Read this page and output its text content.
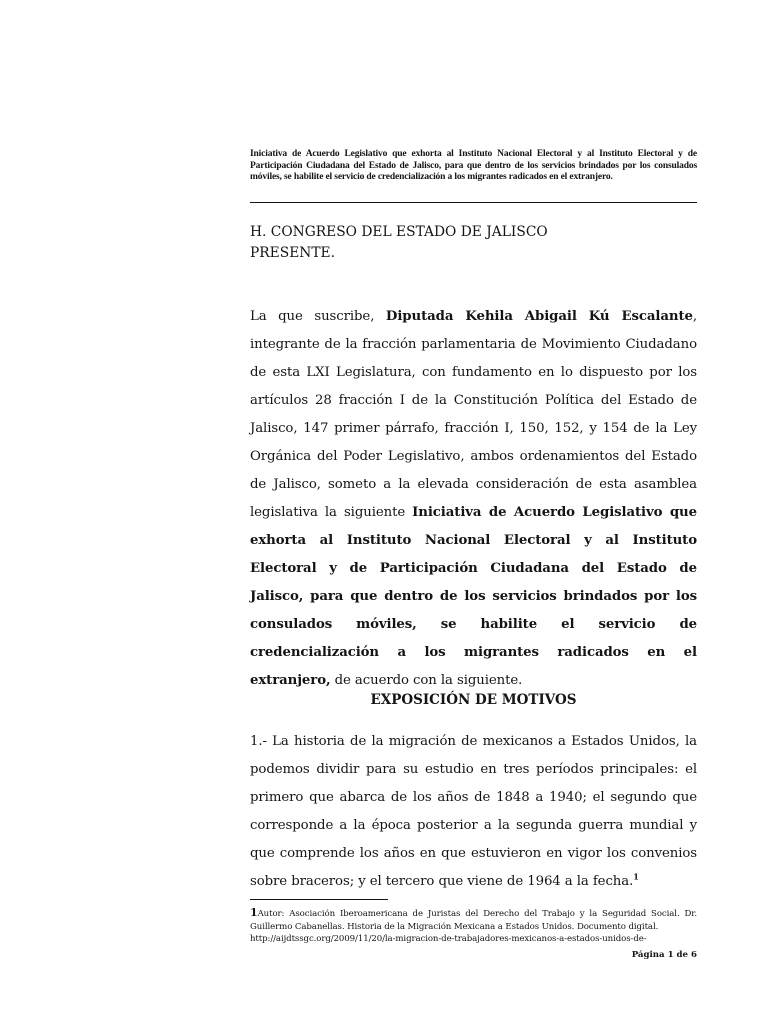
Iniciativa de Acuerdo Legislativo que exhorta al Instituto Nacional Electoral y al Instituto Electoral y de Participación Ciudadana del Estado de Jalisco, para que dentro de los servicios brindados por los consulados móviles, se habilite el servicio de credencialización a los migrantes radicados en el extranjero.
H. CONGRESO DEL ESTADO DE JALISCO
PRESENTE.
La que suscribe, Diputada Kehila Abigail Kú Escalante, integrante de la fracción parlamentaria de Movimiento Ciudadano de esta LXI Legislatura, con fundamento en lo dispuesto por los artículos 28 fracción I de la Constitución Política del Estado de Jalisco, 147 primer párrafo, fracción I, 150, 152, y 154 de la Ley Orgánica del Poder Legislativo, ambos ordenamientos del Estado de Jalisco, someto a la elevada consideración de esta asamblea legislativa la siguiente Iniciativa de Acuerdo Legislativo que exhorta al Instituto Nacional Electoral y al Instituto Electoral y de Participación Ciudadana del Estado de Jalisco, para que dentro de los servicios brindados por los consulados móviles, se habilite el servicio de credencialización a los migrantes radicados en el extranjero, de acuerdo con la siguiente.
EXPOSICIÓN DE MOTIVOS
1.- La historia de la migración de mexicanos a Estados Unidos, la podemos dividir para su estudio en tres períodos principales: el primero que abarca de los años de 1848 a 1940; el segundo que corresponde a la época posterior a la segunda guerra mundial y que comprende los años en que estuvieron en vigor los convenios sobre braceros; y el tercero que viene de 1964 a la fecha.$^1$
1Autor: Asociación Iberoamericana de Juristas del Derecho del Trabajo y la Seguridad Social. Dr. Guillermo Cabanellas. Historia de la Migración Mexicana a Estados Unidos. Documento digital.
http://aijdtssgc.org/2009/11/20/la-migracion-de-trabajadores-mexicanos-a-estados-unidos-de-
Página 1 de 6
